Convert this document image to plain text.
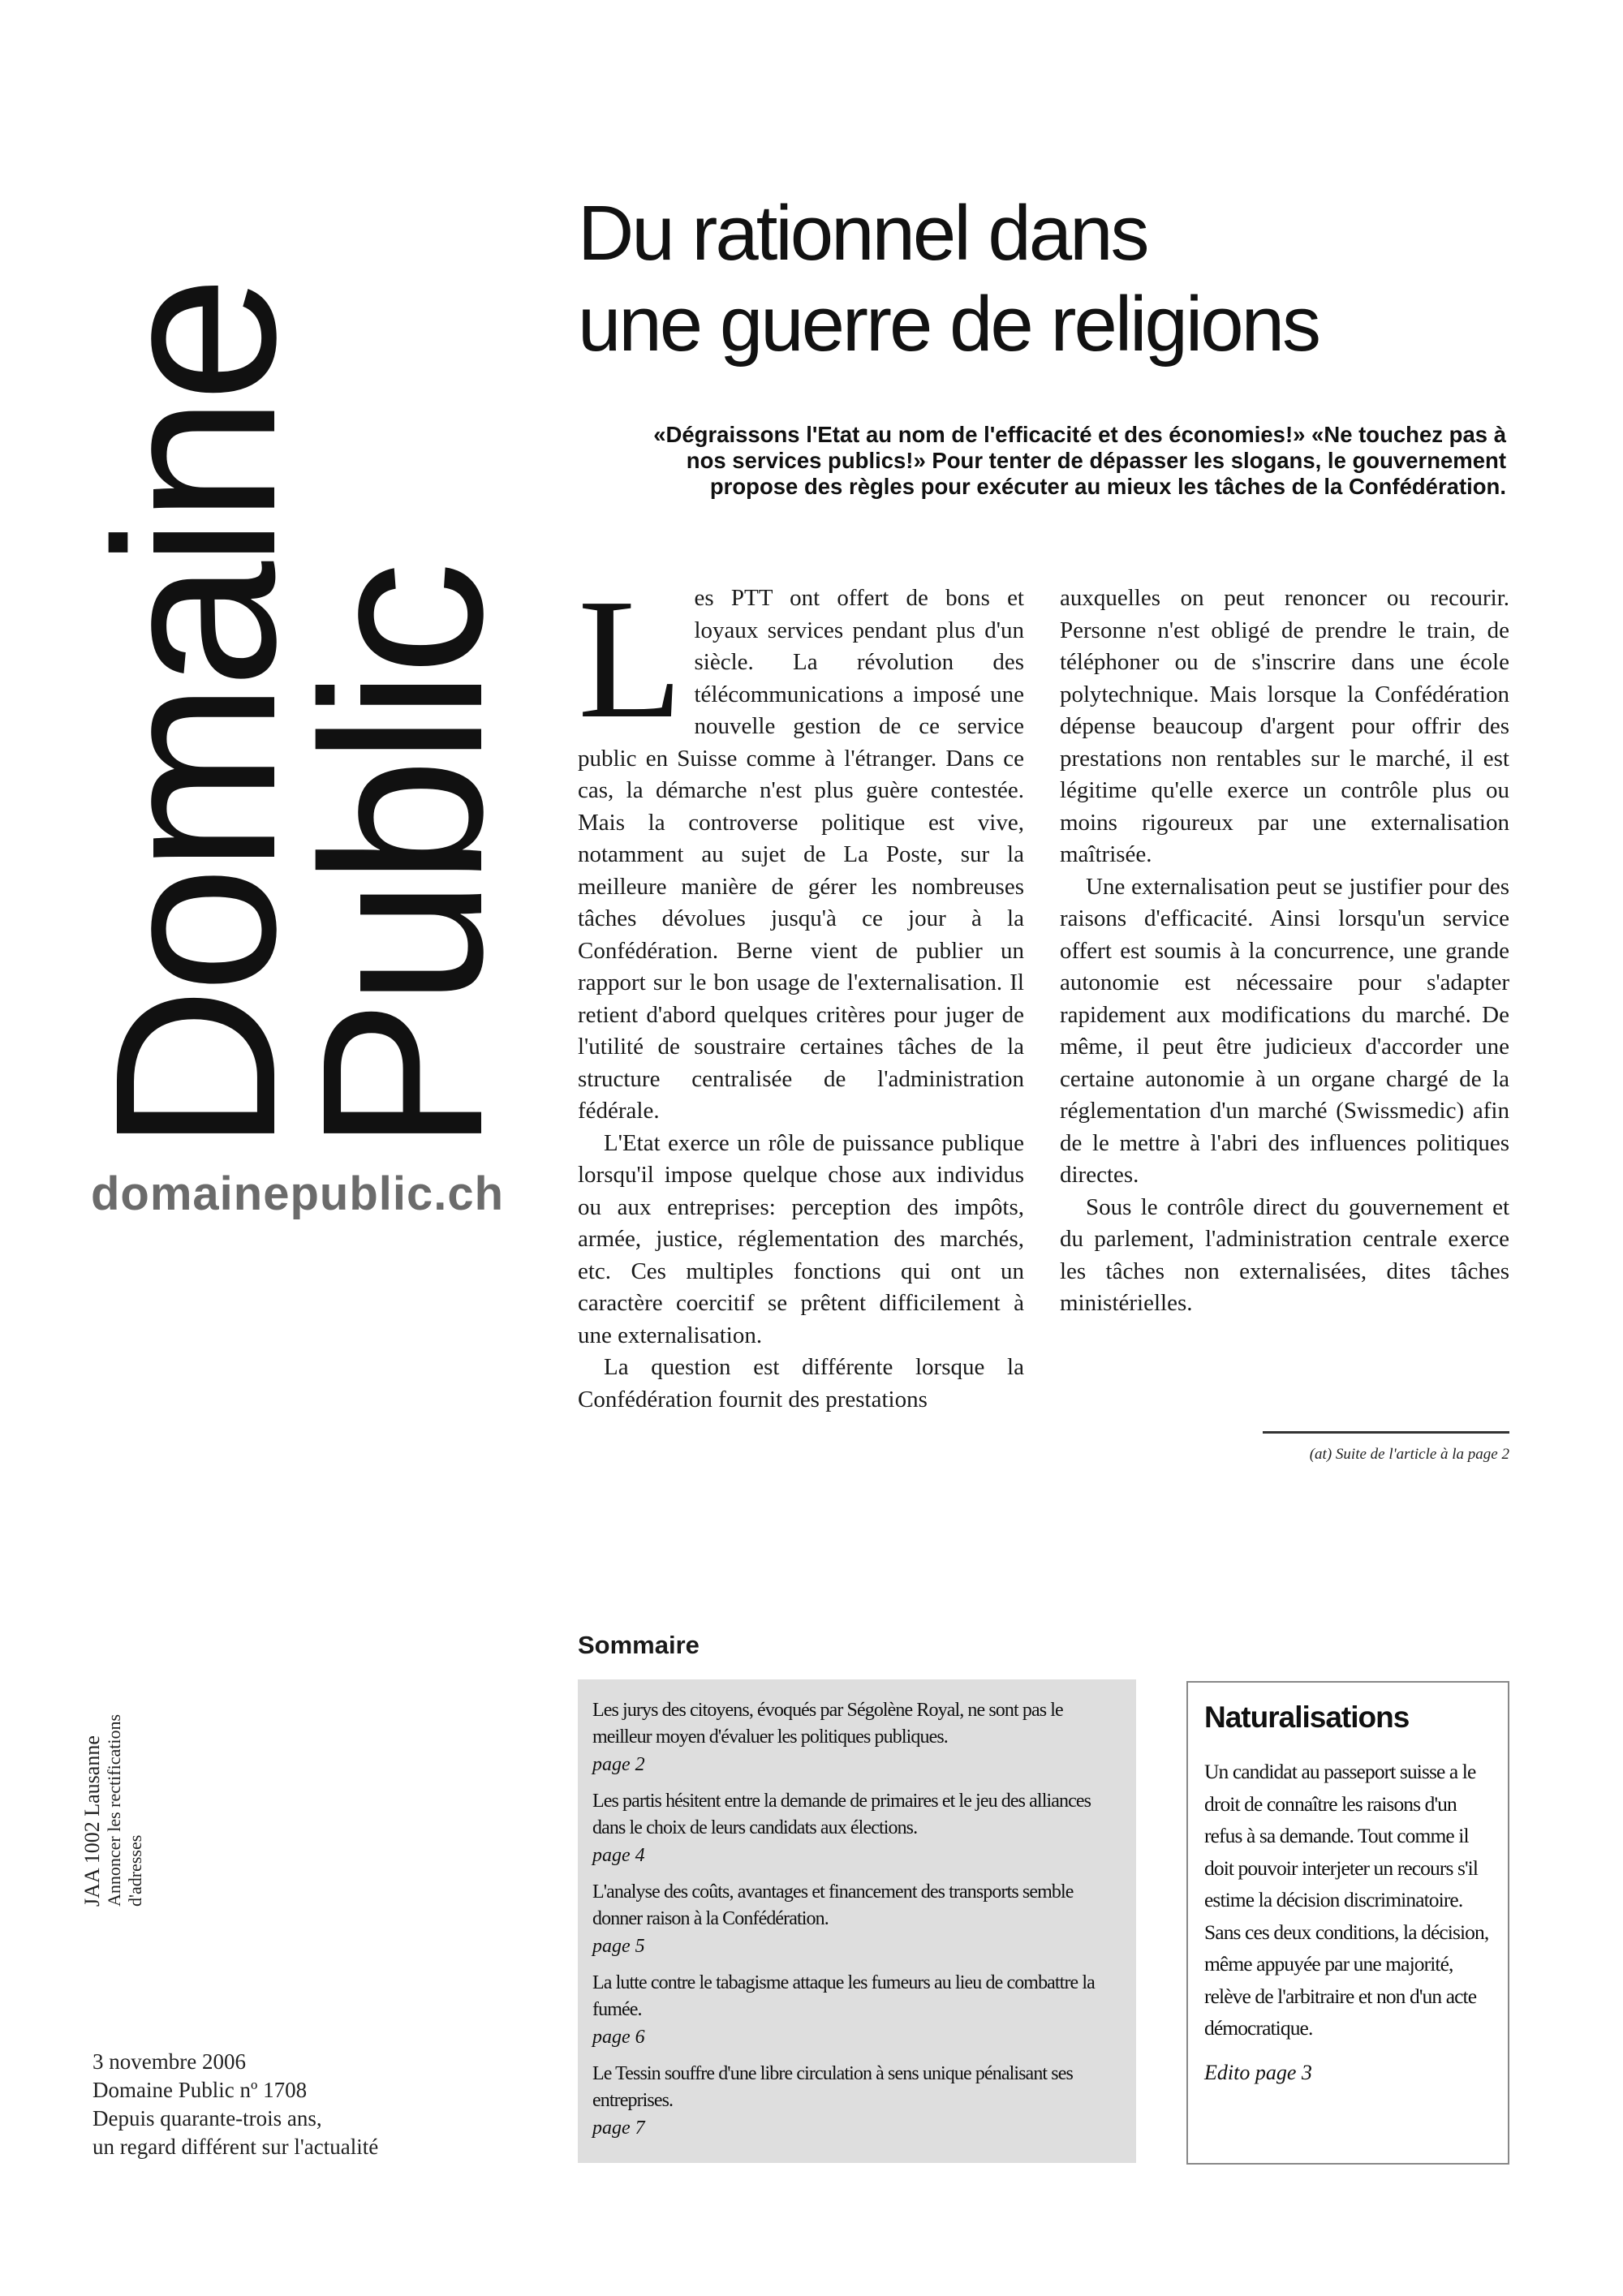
Domaine
Public
domainepublic.ch
Du rationnel dans
une guerre de religions

«Dégraissons l'Etat au nom de l'efficacité et des économies!» «Ne touchez pas à nos services publics!» Pour tenter de dépasser les slogans, le gouvernement propose des règles pour exécuter au mieux les tâches de la Confédération.

Les PTT ont offert de bons et loyaux services pendant plus d'un siècle. La révolution des télécommunications a imposé une nouvelle gestion de ce service public en Suisse comme à l'étranger. Dans ce cas, la démarche n'est plus guère contestée. Mais la controverse politique est vive, notamment au sujet de La Poste, sur la meilleure manière de gérer les nombreuses tâches dévolues jusqu'à ce jour à la Confédération. Berne vient de publier un rapport sur le bon usage de l'externalisation. Il retient d'abord quelques critères pour juger de l'utilité de soustraire certaines tâches de la structure centralisée de l'administration fédérale.

L'Etat exerce un rôle de puissance publique lorsqu'il impose quelque chose aux individus ou aux entreprises: perception des impôts, armée, justice, réglementation des marchés, etc. Ces multiples fonctions qui ont un caractère coercitif se prêtent difficilement à une externalisation.

La question est différente lorsque la Confédération fournit des prestations

auxquelles on peut renoncer ou recourir. Personne n'est obligé de prendre le train, de téléphoner ou de s'inscrire dans une école polytechnique. Mais lorsque la Confédération dépense beaucoup d'argent pour offrir des prestations non rentables sur le marché, il est légitime qu'elle exerce un contrôle plus ou moins rigoureux par une externalisation maîtrisée.

Une externalisation peut se justifier pour des raisons d'efficacité. Ainsi lorsqu'un service offert est soumis à la concurrence, une grande autonomie est nécessaire pour s'adapter rapidement aux modifications du marché. De même, il peut être judicieux d'accorder une certaine autonomie à un organe chargé de la réglementation d'un marché (Swissmedic) afin de le mettre à l'abri des influences politiques directes.

Sous le contrôle direct du gouvernement et du parlement, l'administration centrale exerce les tâches non externalisées, dites tâches ministérielles.

(at) Suite de l'article à la page 2
JAA 1002 Lausanne Annoncer les rectifications d'adresses
3 novembre 2006
Domaine Public nº 1708
Depuis quarante-trois ans,
un regard différent sur l'actualité
Sommaire
Les jurys des citoyens, évoqués par Ségolène Royal, ne sont pas le meilleur moyen d'évaluer les politiques publiques.
page 2
Les partis hésitent entre la demande de primaires et le jeu des alliances dans le choix de leurs candidats aux élections.
page 4
L'analyse des coûts, avantages et financement des transports semble donner raison à la Confédération.
page 5
La lutte contre le tabagisme attaque les fumeurs au lieu de combattre la fumée.
page 6
Le Tessin souffre d'une libre circulation à sens unique pénalisant ses entreprises.
page 7
Naturalisations

Un candidat au passeport suisse a le droit de connaître les raisons d'un refus à sa demande. Tout comme il doit pouvoir interjeter un recours s'il estime la décision discriminatoire. Sans ces deux conditions, la décision, même appuyée par une majorité, relève de l'arbitraire et non d'un acte démocratique.

Edito page 3
